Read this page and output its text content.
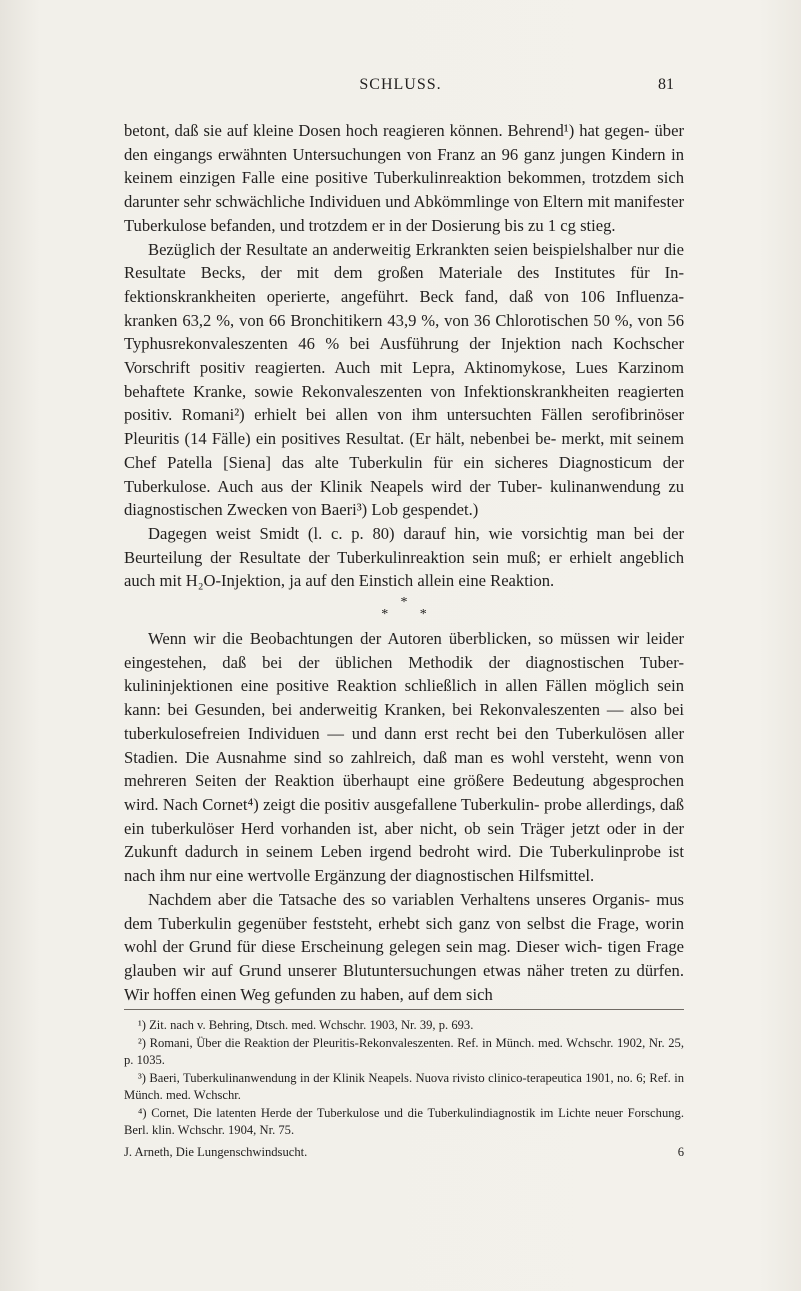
SCHLUSS.	81

betont, daß sie auf kleine Dosen hoch reagieren können. Behrend¹) hat gegen- über den eingangs erwähnten Untersuchungen von Franz an 96 ganz jungen Kindern in keinem einzigen Falle eine positive Tuberkulinreaktion bekommen, trotzdem sich darunter sehr schwächliche Individuen und Abkömmlinge von Eltern mit manifester Tuberkulose befanden, und trotzdem er in der Dosierung bis zu 1 cg stieg.

Bezüglich der Resultate an anderweitig Erkrankten seien beispielshalber nur die Resultate Becks, der mit dem großen Materiale des Institutes für In- fektionskrankheiten operierte, angeführt. Beck fand, daß von 106 Influenza- kranken 63,2 %, von 66 Bronchitikern 43,9 %, von 36 Chlorotischen 50 %, von 56 Typhusrekonvaleszenten 46 % bei Ausführung der Injektion nach Kochscher Vorschrift positiv reagierten. Auch mit Lepra, Aktinomykose, Lues Karzinom behaftete Kranke, sowie Rekonvaleszenten von Infektionskrankheiten reagierten positiv. Romani²) erhielt bei allen von ihm untersuchten Fällen serofibrinöser Pleuritis (14 Fälle) ein positives Resultat. (Er hält, nebenbei be- merkt, mit seinem Chef Patella [Siena] das alte Tuberkulin für ein sicheres Diagnosticum der Tuberkulose. Auch aus der Klinik Neapels wird der Tuber- kulinanwendung zu diagnostischen Zwecken von Baeri³) Lob gespendet.)

Dagegen weist Smidt (l. c. p. 80) darauf hin, wie vorsichtig man bei der Beurteilung der Resultate der Tuberkulinreaktion sein muß; er erhielt angeblich auch mit H₂O-Injektion, ja auf den Einstich allein eine Reaktion.

*
* *

Wenn wir die Beobachtungen der Autoren überblicken, so müssen wir leider eingestehen, daß bei der üblichen Methodik der diagnostischen Tuber- kulininjektionen eine positive Reaktion schließlich in allen Fällen möglich sein kann: bei Gesunden, bei anderweitig Kranken, bei Rekonvaleszenten — also bei tuberkulosefreien Individuen — und dann erst recht bei den Tuberkulösen aller Stadien. Die Ausnahme sind so zahlreich, daß man es wohl versteht, wenn von mehreren Seiten der Reaktion überhaupt eine größere Bedeutung abgesprochen wird. Nach Cornet⁴) zeigt die positiv ausgefallene Tuberkulin- probe allerdings, daß ein tuberkulöser Herd vorhanden ist, aber nicht, ob sein Träger jetzt oder in der Zukunft dadurch in seinem Leben irgend bedroht wird. Die Tuberkulinprobe ist nach ihm nur eine wertvolle Ergänzung der diagnostischen Hilfsmittel.

Nachdem aber die Tatsache des so variablen Verhaltens unseres Organis- mus dem Tuberkulin gegenüber feststeht, erhebt sich ganz von selbst die Frage, worin wohl der Grund für diese Erscheinung gelegen sein mag. Dieser wich- tigen Frage glauben wir auf Grund unserer Blutuntersuchungen etwas näher treten zu dürfen. Wir hoffen einen Weg gefunden zu haben, auf dem sich

¹) Zit. nach v. Behring, Dtsch. med. Wchschr. 1903, Nr. 39, p. 693.

²) Romani, Über die Reaktion der Pleuritis-Rekonvaleszenten. Ref. in Münch. med. Wchschr. 1902, Nr. 25, p. 1035.

³) Baeri, Tuberkulinanwendung in der Klinik Neapels. Nuova rivisto clinico-terapeutica 1901, no. 6; Ref. in Münch. med. Wchschr.

⁴) Cornet, Die latenten Herde der Tuberkulose und die Tuberkulindiagnostik im Lichte neuer Forschung. Berl. klin. Wchschr. 1904, Nr. 75.

J. Arneth, Die Lungenschwindsucht.	6
